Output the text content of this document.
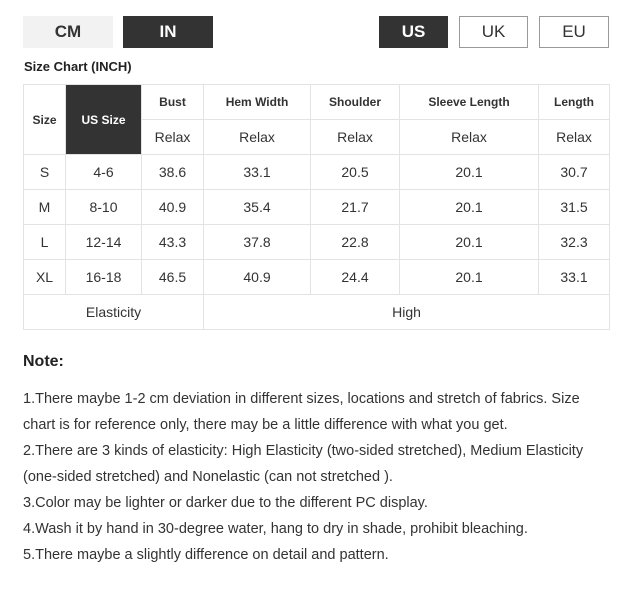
CM	IN	US	UK	EU
Size Chart (INCH)
Size	US Size	Bust	Hem Width	Shoulder	Sleeve Length	Length
		Relax	Relax	Relax	Relax	Relax
S	4-6	38.6	33.1	20.5	20.1	30.7
M	8-10	40.9	35.4	21.7	20.1	31.5
L	12-14	43.3	37.8	22.8	20.1	32.3
XL	16-18	46.5	40.9	24.4	20.1	33.1
Elasticity			High			
Note:

1.There maybe 1-2 cm deviation in different sizes, locations and stretch of fabrics. Size chart is for reference only, there may be a little difference with what you get.

2.There are 3 kinds of elasticity: High Elasticity (two-sided stretched), Medium Elasticity (one-sided stretched) and Nonelastic (can not stretched ).

3.Color may be lighter or darker due to the different PC display.

4.Wash it by hand in 30-degree water, hang to dry in shade, prohibit bleaching.

5.There maybe a slightly difference on detail and pattern.
